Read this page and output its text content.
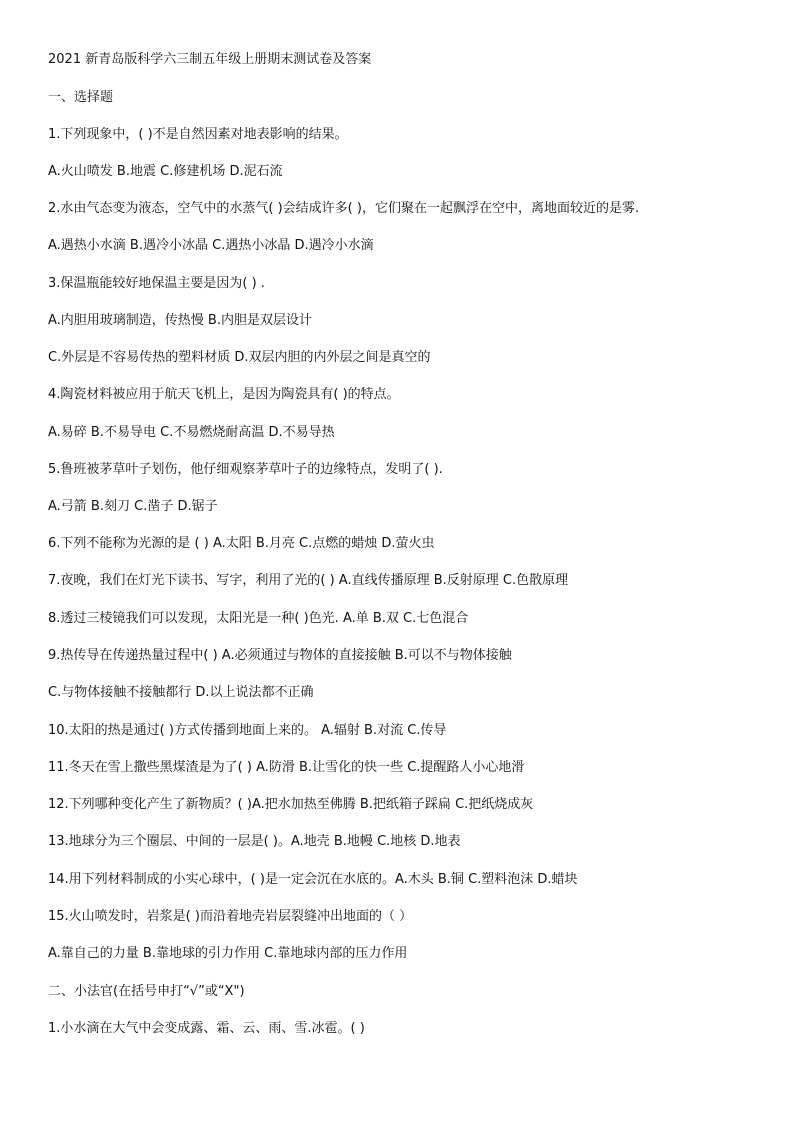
2021 新青岛版科学六三制五年级上册期末测试卷及答案
一、选择题
1.下列现象中，( )不是自然因素对地表影响的结果。
A.火山喷发 B.地震 C.修建机场 D.泥石流
2.水由气态变为液态，空气中的水蒸气( )会结成许多( )，它们聚在一起飘浮在空中，离地面较近的是雾.
A.遇热小水滴 B.遇冷小冰晶 C.遇热小冰晶 D.遇冷小水滴
3.保温瓶能较好地保温主要是因为( ) .
A.内胆用玻璃制造，传热慢 B.内胆是双层设计
C.外层是不容易传热的塑料材质 D.双层内胆的内外层之间是真空的
4.陶瓷材料被应用于航天飞机上，是因为陶瓷具有( )的特点。
A.易碎 B.不易导电 C.不易燃烧耐高温 D.不易导热
5.鲁班被茅草叶子划伤，他仔细观察茅草叶子的边缘特点，发明了( ).
A.弓箭 B.刻刀 C.凿子 D.锯子
6.下列不能称为光源的是 ( ) A.太阳 B.月亮 C.点燃的蜡烛 D.萤火虫
7.夜晚，我们在灯光下读书、写字，利用了光的( ) A.直线传播原理 B.反射原理 C.色散原理
8.透过三棱镜我们可以发现，太阳光是一种( )色光. A.单 B.双 C.七色混合
9.热传导在传递热量过程中( ) A.必须通过与物体的直接接触 B.可以不与物体接触
C.与物体接触不接触都行 D.以上说法都不正确
10.太阳的热是通过( )方式传播到地面上来的。 A.辐射 B.对流 C.传导
11.冬天在雪上撒些黑煤渣是为了( ) A.防滑 B.让雪化的快一些 C.提醒路人小心地滑
12.下列哪种变化产生了新物质？( )A.把水加热至佛腾 B.把纸箱子踩扁 C.把纸烧成灰
13.地球分为三个圈层、中间的一层是( )。A.地壳 B.地幔 C.地核 D.地表
14.用下列材料制成的小实心球中，( )是一定会沉在水底的。A.木头 B.铜 C.塑料泡沫 D.蜡块
15.火山喷发时，岩浆是( )而沿着地壳岩层裂缝冲出地面的（ ）
A.靠自己的力量 B.靠地球的引力作用 C.靠地球内部的压力作用
二、小法官(在括号申打“√”或“X")
1.小水滴在大气中会变成露、霜、云、雨、雪.冰雹。( )
